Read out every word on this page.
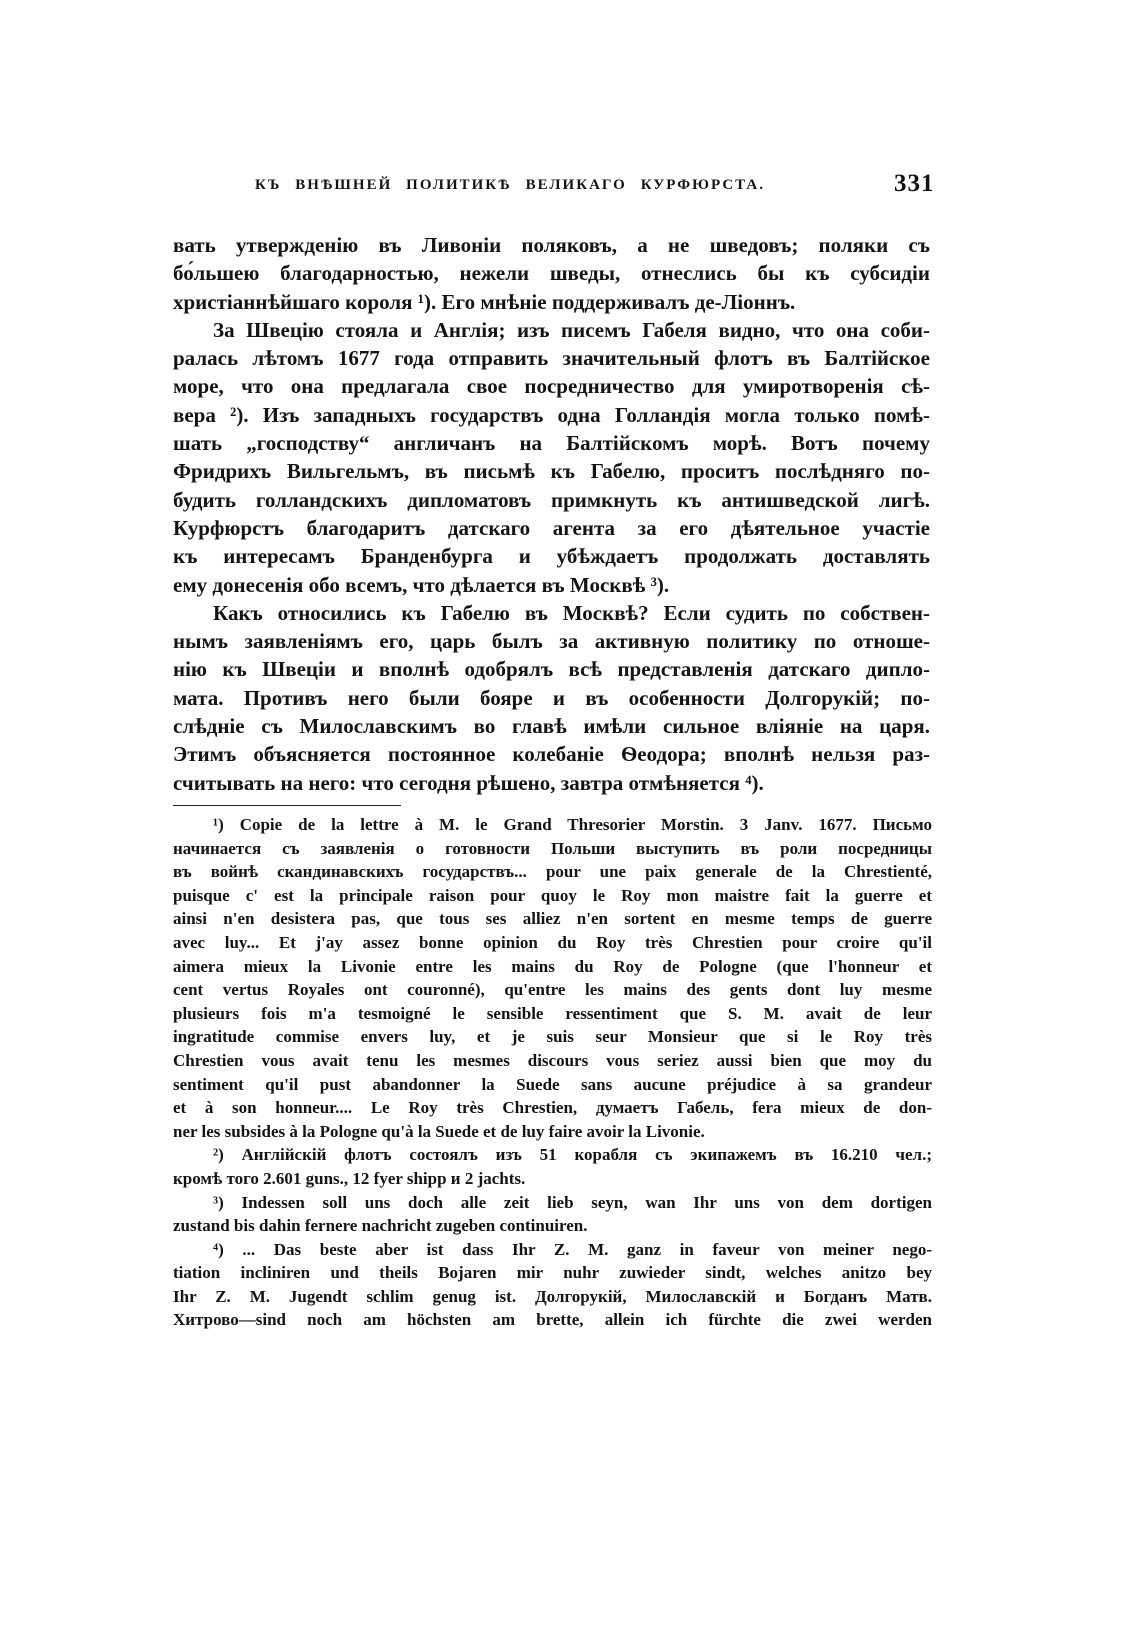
КЪ ВНѢШНЕЙ ПОЛИТИКѢ ВЕЛИКАГО КУРФЮРСТА.	331
вать утвержденію въ Ливоніи поляковъ, а не шведовъ; поляки съ
бо́льшею благодарностью, нежели шведы, отнеслись бы къ субсидіи
христіаннѣйшаго короля ¹). Его мнѣніе поддерживалъ де-Ліоннъ.
За Швецію стояла и Англія; изъ писемъ Габеля видно, что она соби-
ралась лѣтомъ 1677 года отправить значительный флотъ въ Балтійское
море, что она предлагала свое посредничество для умиротворенія сѣ-
вера ²). Изъ западныхъ государствъ одна Голландія могла только помѣ-
шать „господству“ англичанъ на Балтійскомъ морѣ. Вотъ почему
Фридрихъ Вильгельмъ, въ письмѣ къ Габелю, проситъ послѣдняго по-
будить голландскихъ дипломатовъ примкнуть къ антишведской лигѣ.
Курфюрстъ благодаритъ датскаго агента за его дѣятельное участіе
къ интересамъ Бранденбурга и убѣждаетъ продолжать доставлять
ему донесенія обо всемъ, что дѣлается въ Москвѣ ³).
Какъ относились къ Габелю въ Москвѣ? Если судить по собствен-
нымъ заявленіямъ его, царь былъ за активную политику по отноше-
нію къ Швеціи и вполнѣ одобрялъ всѣ представленія датскаго дипло-
мата. Противъ него были бояре и въ особенности Долгорукій; по-
слѣдніе съ Милославскимъ во главѣ имѣли сильное вліяніе на царя.
Этимъ объясняется постоянное колебаніе Ѳеодора; вполнѣ нельзя раз-
считывать на него: что сегодня рѣшено, завтра отмѣняется ⁴).
¹) Copie de la lettre à M. le Grand Thresorier Morstin. 3 Janv. 1677. Письмо
начинается съ заявленія о готовности Польши выступить въ роли посредницы
въ войнѣ скандинавскихъ государствъ... pour une paix generale de la Chrestienté,
puisque c' est la principale raison pour quoy le Roy mon maistre fait la guerre et
ainsi n'en desistera pas, que tous ses alliez n'en sortent en mesme temps de guerre
avec luy... Et j'ay assez bonne opinion du Roy très Chrestien pour croire qu'il
aimera mieux la Livonie entre les mains du Roy de Pologne (que l'honneur et
cent vertus Royales ont couronné), qu'entre les mains des gents dont luy mesme
plusieurs fois m'a tesmoigné le sensible ressentiment que S. M. avait de leur
ingratitude commise envers luy, et je suis seur Monsieur que si le Roy très
Chrestien vous avait tenu les mesmes discours vous seriez aussi bien que moy du
sentiment qu'il pust abandonner la Suede sans aucune préjudice à sa grandeur
et à son honneur.... Le Roy très Chrestien, думаетъ Габель, fera mieux de don-
ner les subsides à la Pologne qu'à la Suede et de luy faire avoir la Livonie.
²) Англійскій флотъ состоялъ изъ 51 корабля съ экипажемъ въ 16.210 чел.;
кромѣ того 2.601 guns., 12 fyer shipp и 2 jachts.
³) Indessen soll uns doch alle zeit lieb seyn, wan Ihr uns von dem dortigen
zustand bis dahin fernere nachricht zugeben continuiren.
⁴) ... Das beste aber ist dass Ihr Z. M. ganz in faveur von meiner nego-
tiation incliniren und theils Bojaren mir nuhr zuwieder sindt, welches anitzo bey
Ihr Z. M. Jugendt schlim genug ist. Долгорукій, Милославскій и Богданъ Матв.
Хитрово—sind noch am höchsten am brette, allein ich fürchte die zwei werden
